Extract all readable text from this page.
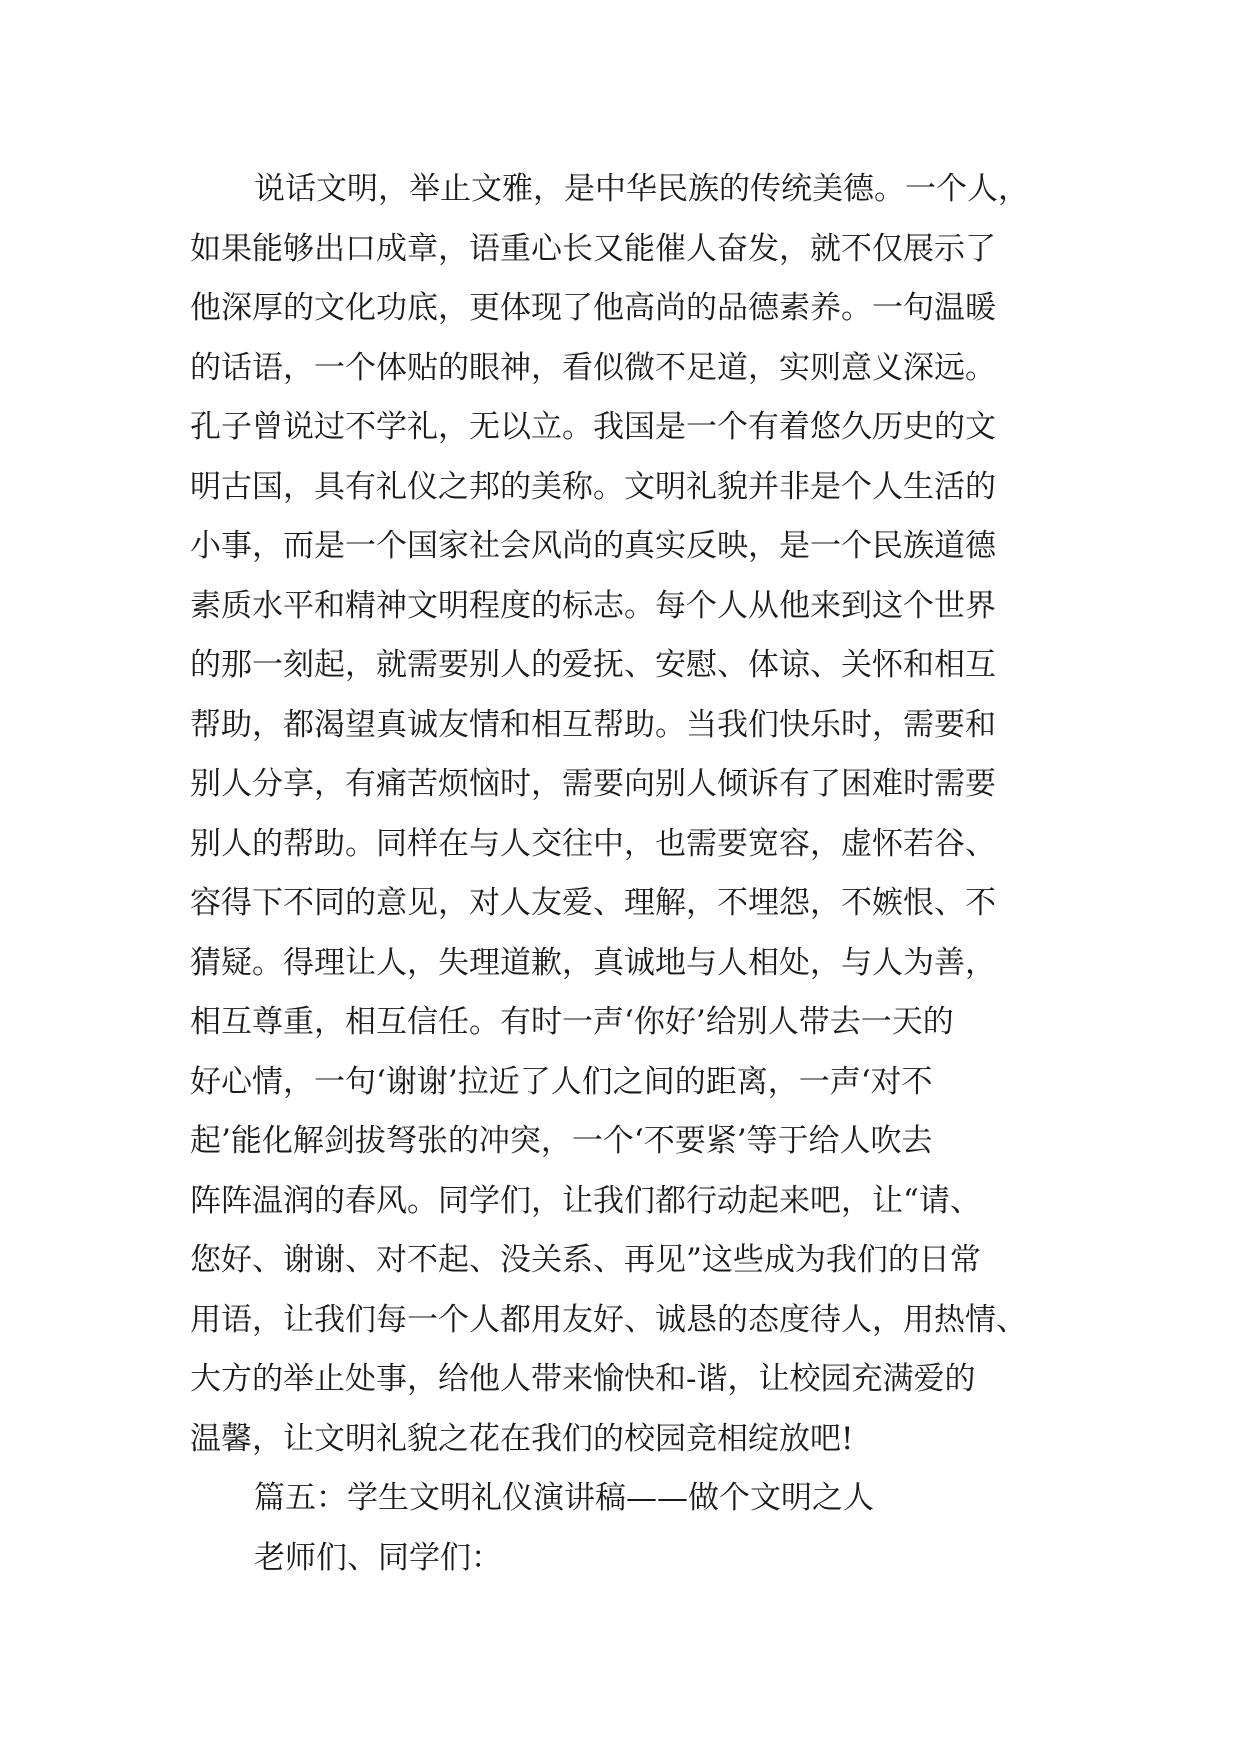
说话文明，举止文雅，是中华民族的传统美德。一个人，
如果能够出口成章，语重心长又能催人奋发，就不仅展示了
他深厚的文化功底，更体现了他高尚的品德素养。一句温暖
的话语，一个体贴的眼神，看似微不足道，实则意义深远。
孔子曾说过不学礼，无以立。我国是一个有着悠久历史的文
明古国，具有礼仪之邦的美称。文明礼貌并非是个人生活的
小事，而是一个国家社会风尚的真实反映，是一个民族道德
素质水平和精神文明程度的标志。每个人从他来到这个世界
的那一刻起，就需要别人的爱抚、安慰、体谅、关怀和相互
帮助，都渴望真诚友情和相互帮助。当我们快乐时，需要和
别人分享，有痛苦烦恼时，需要向别人倾诉有了困难时需要
别人的帮助。同样在与人交往中，也需要宽容，虚怀若谷、
容得下不同的意见，对人友爱、理解，不埋怨，不嫉恨、不
猜疑。得理让人，失理道歉，真诚地与人相处，与人为善，
相互尊重，相互信任。有时一声‘你好’给别人带去一天的
好心情，一句‘谢谢’拉近了人们之间的距离，一声‘对不
起’能化解剑拔弩张的冲突，一个‘不要紧’等于给人吹去
阵阵温润的春风。同学们，让我们都行动起来吧，让“请、
您好、谢谢、对不起、没关系、再见”这些成为我们的日常
用语，让我们每一个人都用友好、诚恳的态度待人，用热情、
大方的举止处事，给他人带来愉快和-谐，让校园充满爱的
温馨，让文明礼貌之花在我们的校园竞相绽放吧!
篇五：学生文明礼仪演讲稿——做个文明之人
老师们、同学们：
